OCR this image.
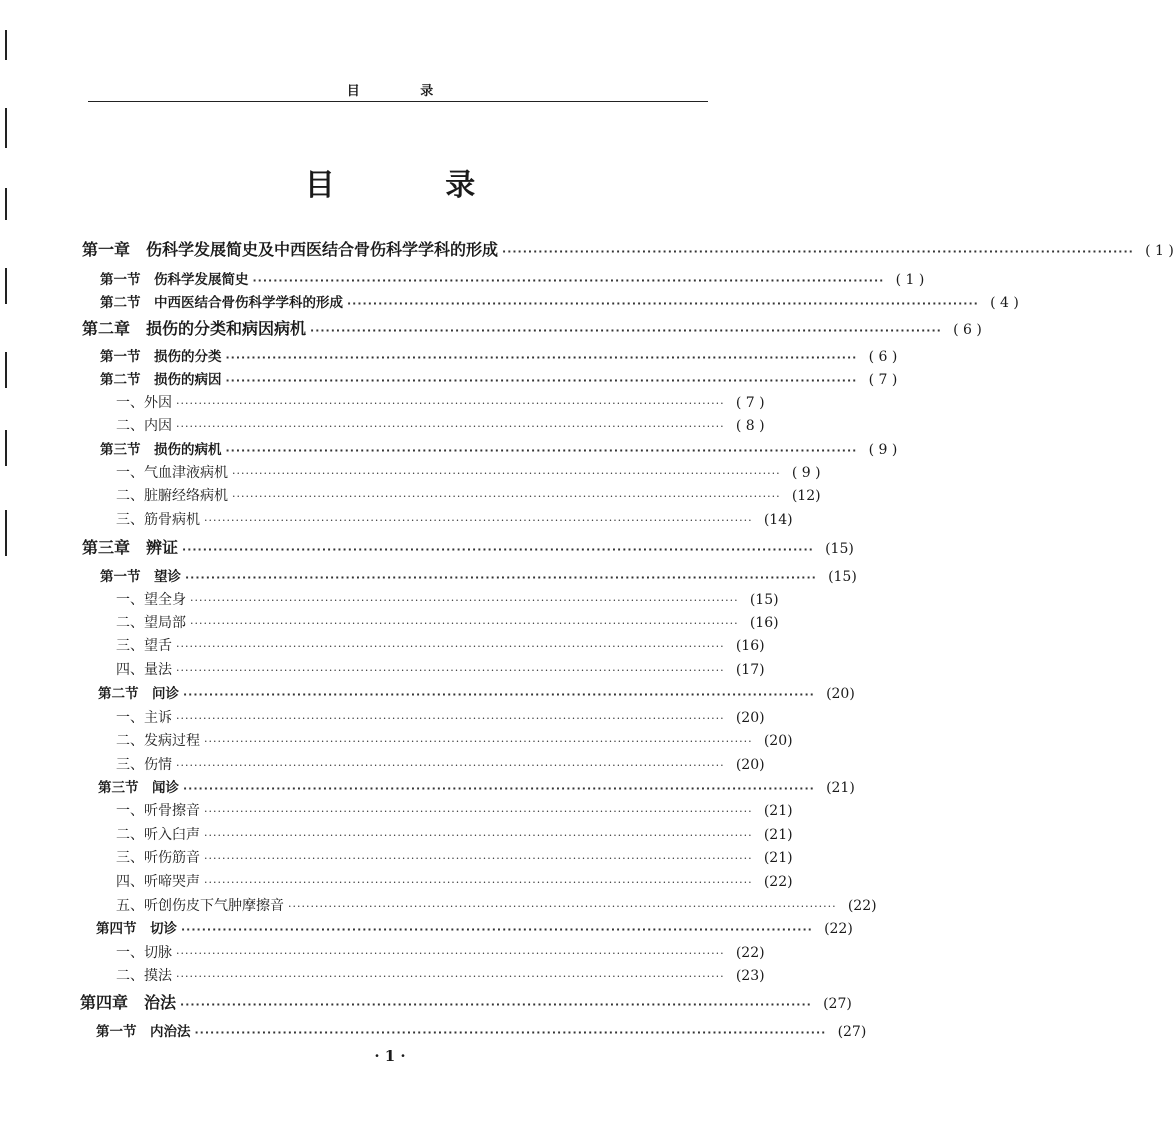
目 录
目 录
第一章　伤科学发展简史及中西医结合骨伤科学学科的形成 ·························································································································· ( 1 )
第一节　伤科学发展简史 ·························································································································· ( 1 )
第二节　中西医结合骨伤科学学科的形成 ·························································································································· ( 4 )
第二章　损伤的分类和病因病机 ·························································································································· ( 6 )
第一节　损伤的分类 ·························································································································· ( 6 )
第二节　损伤的病因 ·························································································································· ( 7 )
一、外因 ·························································································································· ( 7 )
二、内因 ·························································································································· ( 8 )
第三节　损伤的病机 ·························································································································· ( 9 )
一、气血津液病机 ·························································································································· ( 9 )
二、脏腑经络病机 ·························································································································· (12)
三、筋骨病机 ·························································································································· (14)
第三章　辨证 ·························································································································· (15)
第一节　望诊 ·························································································································· (15)
一、望全身 ·························································································································· (15)
二、望局部 ·························································································································· (16)
三、望舌 ·························································································································· (16)
四、量法 ·························································································································· (17)
第二节　问诊 ·························································································································· (20)
一、主诉 ·························································································································· (20)
二、发病过程 ·························································································································· (20)
三、伤情 ·························································································································· (20)
第三节　闻诊 ·························································································································· (21)
一、听骨擦音 ·························································································································· (21)
二、听入臼声 ·························································································································· (21)
三、听伤筋音 ·························································································································· (21)
四、听啼哭声 ·························································································································· (22)
五、听创伤皮下气肿摩擦音 ·························································································································· (22)
第四节　切诊 ·························································································································· (22)
一、切脉 ·························································································································· (22)
二、摸法 ·························································································································· (23)
第四章　治法 ·························································································································· (27)
第一节　内治法 ·························································································································· (27)
· 1 ·
